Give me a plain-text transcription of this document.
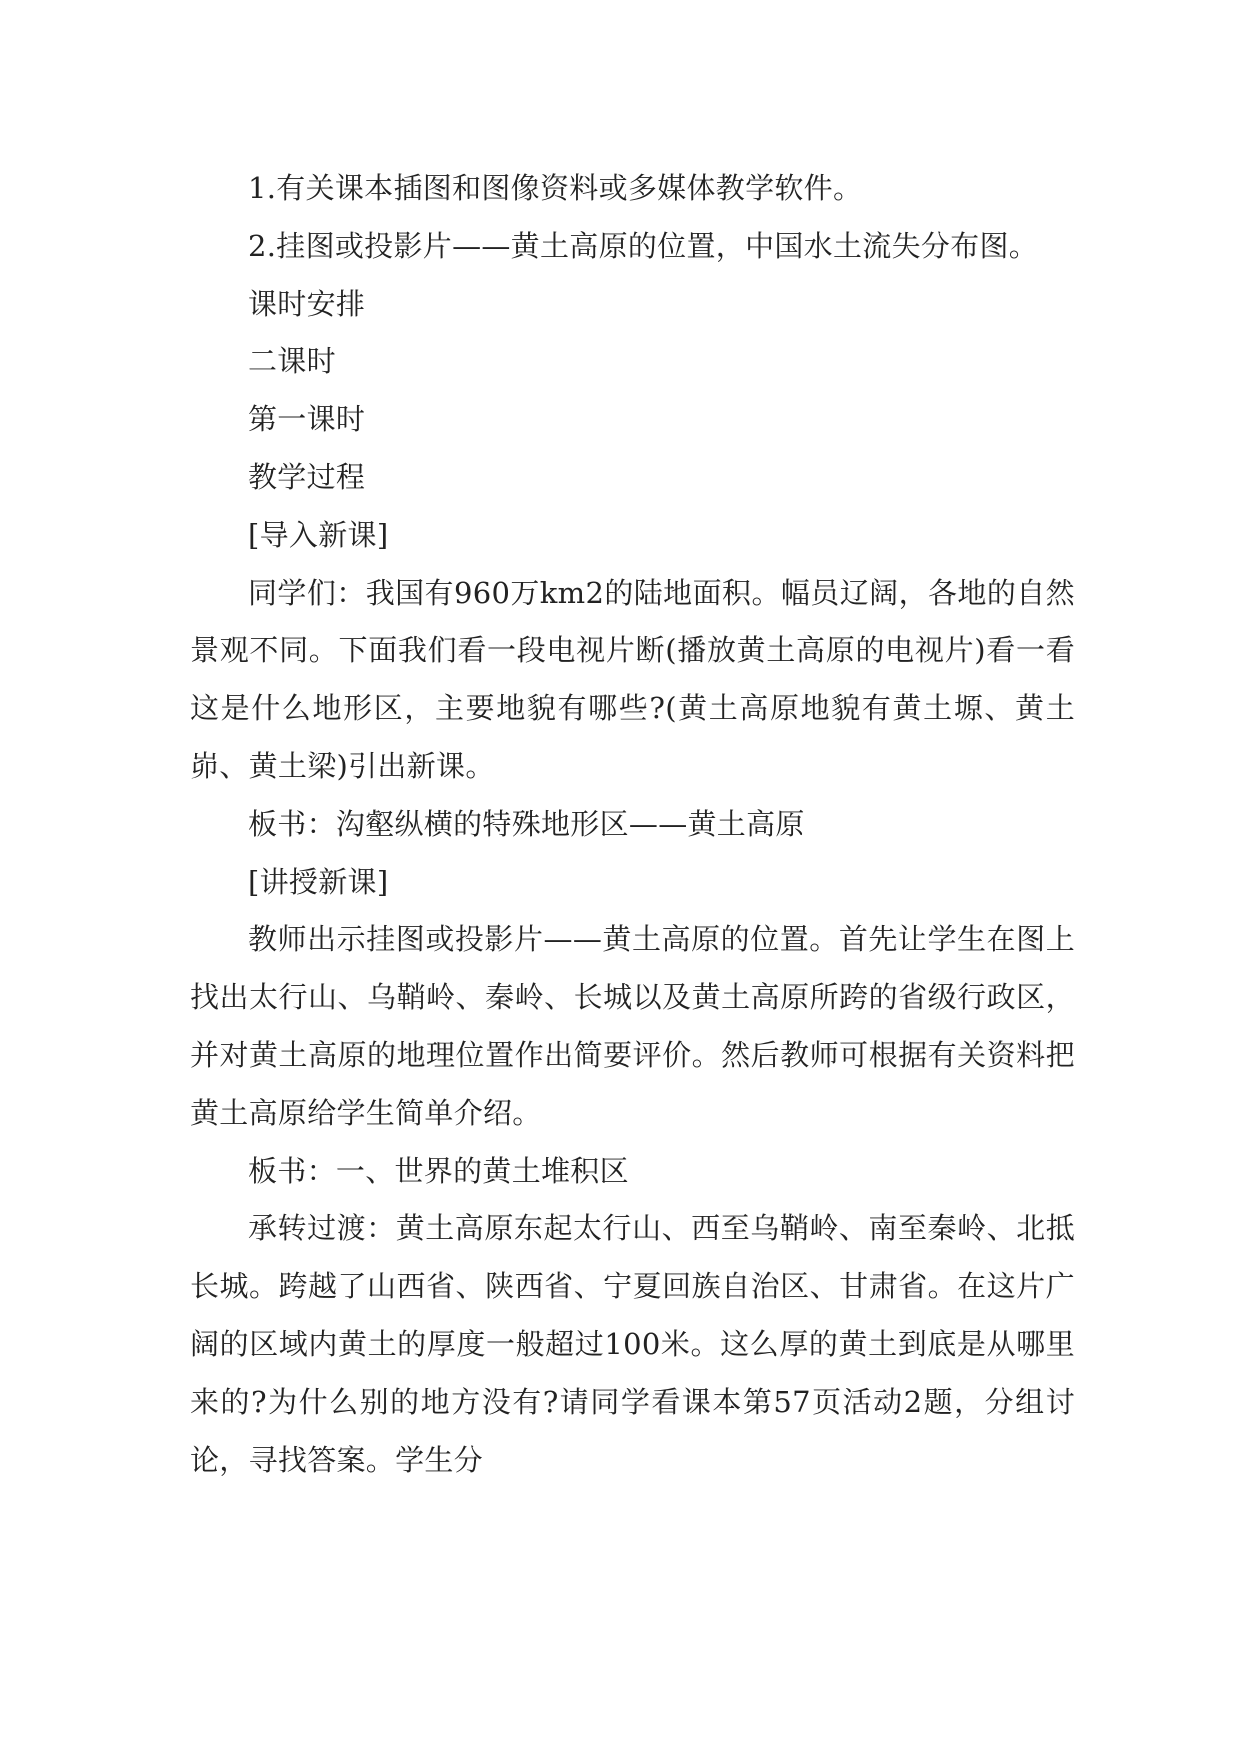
1.有关课本插图和图像资料或多媒体教学软件。

2.挂图或投影片——黄土高原的位置，中国水土流失分布图。

课时安排

二课时

第一课时

教学过程

[导入新课]

同学们：我国有960万km2的陆地面积。幅员辽阔，各地的自然景观不同。下面我们看一段电视片断(播放黄土高原的电视片)看一看这是什么地形区，主要地貌有哪些?(黄土高原地貌有黄土塬、黄土峁、黄土梁)引出新课。

板书：沟壑纵横的特殊地形区——黄土高原

[讲授新课]

教师出示挂图或投影片——黄土高原的位置。首先让学生在图上找出太行山、乌鞘岭、秦岭、长城以及黄土高原所跨的省级行政区，并对黄土高原的地理位置作出简要评价。然后教师可根据有关资料把黄土高原给学生简单介绍。

板书：一、世界的黄土堆积区

承转过渡：黄土高原东起太行山、西至乌鞘岭、南至秦岭、北抵长城。跨越了山西省、陕西省、宁夏回族自治区、甘肃省。在这片广阔的区域内黄土的厚度一般超过100米。这么厚的黄土到底是从哪里来的?为什么别的地方没有?请同学看课本第57页活动2题，分组讨论，寻找答案。学生分
